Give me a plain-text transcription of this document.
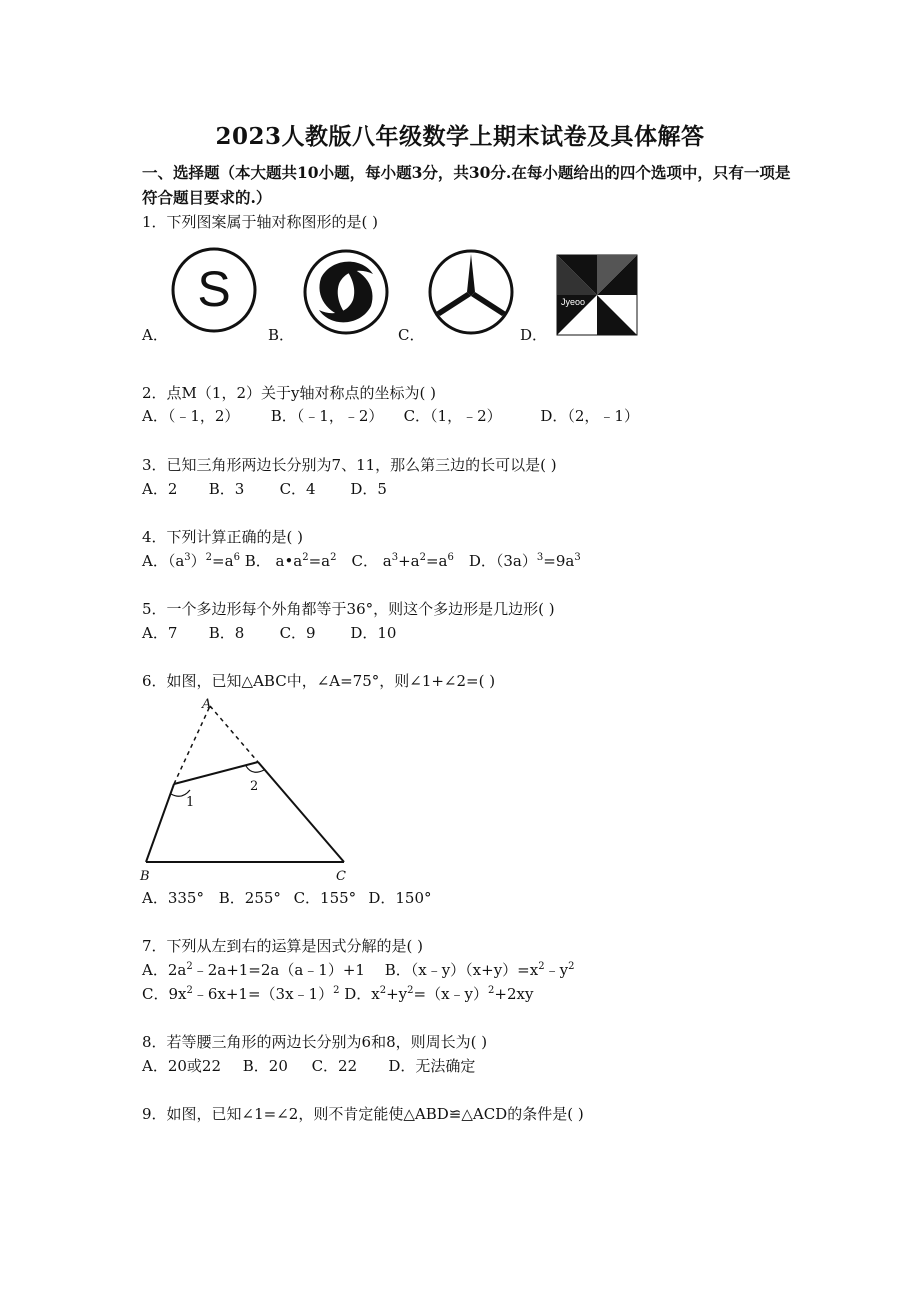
2023人教版八年级数学上期末试卷及具体解答
一、选择题（本大题共10小题，每小题3分，共30分.在每小题给出的四个选项中，只有一项是符合题目要求的.）
1．下列图案属于轴对称图形的是( )
A．
S
B．	C．	D．
Jyeoo
2．点M（1，2）关于y轴对称点的坐标为( )
A．（﹣1，2） B．（﹣1，﹣2） C．（1，﹣2）	D．（2，﹣1）
3．已知三角形两边长分别为7、11，那么第三边的长可以是( )
A．2 B．3 C．4 D．5
4．下列计算正确的是( )
A．$(a^3)^2=a^6$ B． $a•a^2=a^2$　C． $a^3+a^2=a^6$　D．$(3a)^3=9a^3$
5．一个多边形每个外角都等于36°，则这个多边形是几边形( )
A．7 B．8 C．9 D．10
6．如图，已知△ABC中，∠A=75°，则∠1+∠2=( )
A
B	C
1
2
A．335° B．255° C．155° D．150°
7．下列从左到右的运算是因式分解的是( )
A．$2a^2﹣2a+1=2a(a﹣1)+1$　 B．$(x﹣y)(x+y)=x^2﹣y^2$
C．$9x^2﹣6x+1=(3x﹣1)^2$ D．$x^2+y^2=(x﹣y)^2+2xy$
8．若等腰三角形的两边长分别为6和8，则周长为( )
A．20或22 B．20 C．22 D．无法确定
9．如图，已知∠1=∠2，则不肯定能使△ABD≌△ACD的条件是( )
